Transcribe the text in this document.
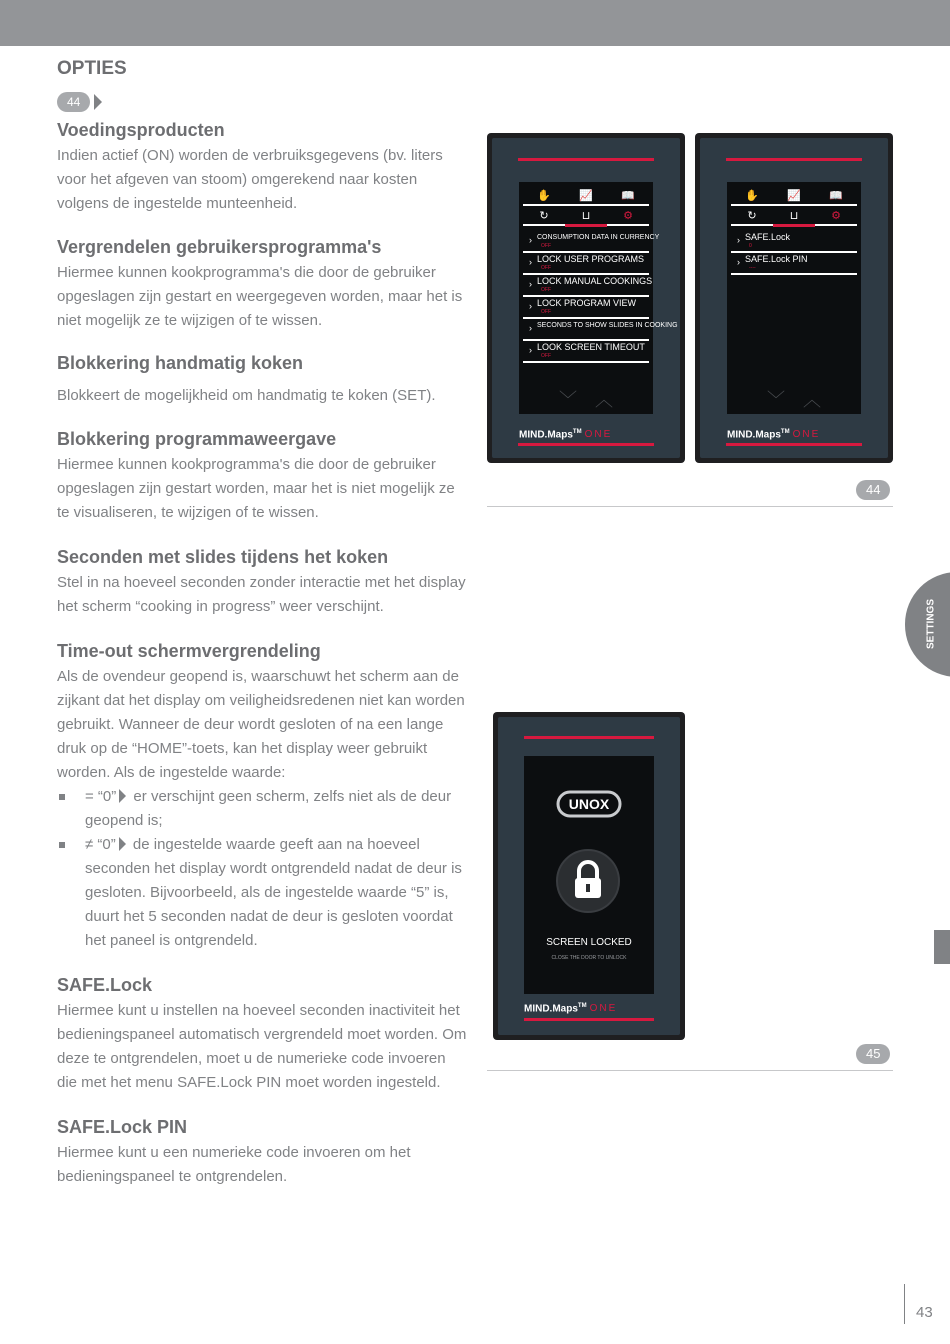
OPTIES
44
Voedingsproducten

Indien actief (ON) worden de verbruiksgegevens (bv. liters voor het afgeven van stoom) omgerekend naar kosten volgens de ingestelde munteenheid.

Vergrendelen gebruikersprogramma's

Hiermee kunnen kookprogramma's die door de gebruiker opgeslagen zijn gestart en weergegeven worden, maar het is niet mogelijk ze te wijzigen of te wissen.

Blokkering handmatig koken

Blokkeert de mogelijkheid om handmatig te koken (SET).

Blokkering programmaweergave

Hiermee kunnen kookprogramma's die door de gebruiker opgeslagen zijn gestart worden, maar het is niet mogelijk ze te visualiseren, te wijzigen of te wissen.

Seconden met slides tijdens het koken

Stel in na hoeveel seconden zonder interactie met het display het scherm “cooking in progress” weer verschijnt.

Time-out schermvergrendeling

Als de ovendeur geopend is, waarschuwt het scherm aan de zijkant dat het display om veiligheidsredenen niet kan worden gebruikt. Wanneer de deur wordt gesloten of na een lange druk op de “HOME”-toets, kan het display weer gebruikt worden. Als de ingestelde waarde:

= “0” er verschijnt geen scherm, zelfs niet als de deur geopend is;
≠ “0” de ingestelde waarde geeft aan na hoeveel seconden het display wordt ontgrendeld nadat de deur is gesloten. Bijvoorbeeld, als de ingestelde waarde “5” is, duurt het 5 seconden nadat de deur is gesloten voordat het paneel is ontgrendeld.
SAFE.Lock

Hiermee kunt u instellen na hoeveel seconden inactiviteit het bedieningspaneel automatisch vergrendeld moet worden. Om deze te ontgrendelen, moet u de numerieke code invoeren die met het menu SAFE.Lock PIN moet worden ingesteld.

SAFE.Lock PIN

Hiermee kunt u een numerieke code invoeren om het bedieningspaneel te ontgrendelen.

✋	📈	📖
↻	⊔	⚙
› CONSUMPTION DATA IN CURRENCY
OFF
› LOCK USER PROGRAMS
OFF
› LOCK MANUAL COOKINGS
OFF
› LOCK PROGRAM VIEW
OFF
› SECONDS TO SHOW SLIDES IN COOKING
› LOOK SCREEN TIMEOUT
OFF
﹀ ︿
MIND.Maps™ ONE
✋	📈	📖
↻	⊔	⚙
› SAFE.Lock
0
› SAFE.Lock PIN
----
﹀ ︿
MIND.Maps™ ONE
44
UNOX
SCREEN LOCKED
CLOSE THE DOOR TO UNLOCK
MIND.Maps™ ONE
45
SETTINGS
43
